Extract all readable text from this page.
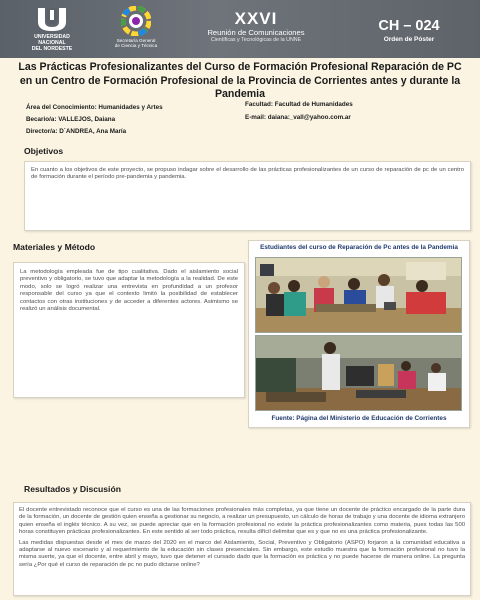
UNIVERSIDAD
NACIONAL
DEL NORDESTE
Secretaría General
de Ciencia y Técnica
XXVI
Reunión de Comunicaciones
Científicas y Tecnológicas de la UNNE
CH – 024
Orden de Póster
Las Prácticas Profesionalizantes del Curso de Formación Profesional Reparación de PC en un Centro de Formación Profesional de la Provincia de Corrientes antes y durante la Pandemia
Área del Conocimiento: Humanidades y Artes
Becario/a: VALLEJOS, Daiana
Director/a: D´ANDREA, Ana María
Facultad: Facultad de Humanidades
E-mail: daiana:_vall@yahoo.com.ar
Objetivos

En cuanto a los objetivos de este proyecto, se propuso indagar sobre el desarrollo de las prácticas profesionalizantes de un curso de reparación de pc de un centro de formación durante el período pre-pandemia y pandemia.

Materiales y Método

La metodología empleada fue de tipo cualitativa. Dado el aislamiento social preventivo y obligatorio, se tuvo que adaptar la metodología a la realidad. De este modo, solo se logró realizar una entrevista en profundidad a un profesor responsable del curso ya que el contexto limitó la posibilidad de establecer contactos con otras instituciones y de acceder a diferentes actores. Asimismo se realizó un análisis documental.

Estudiantes del curso de Reparación de Pc antes de la Pandemia
Fuente: Página del Ministerio de Educación de Corrientes
Resultados y Discusión

El docente entrevistado reconoce que el curso es una de las formaciones profesionales más completas, ya que tiene un docente de práctico encargado de la parte dura de la formación, un docente de gestión quien enseña a gestionar su negocio, a realizar un presupuesto, un cálculo de horas de trabajo y una docente de idioma extranjero quien enseña el inglés técnico. A su vez, se puede apreciar que en la formación profesional no existe la práctica profesionalizantes como materia, pues todas las 500 horas constituyen prácticas profesionalizantes. En este sentido al ser todo práctica, resulta difícil delimitar que es y que no es una práctica profesionalizante.

Las medidas dispuestas desde el mes de marzo del 2020 en el marco del Aislamiento, Social, Preventivo y Obligatorio (ASPO) forjaron a la comunidad educativa a adaptarse al nuevo escenario y al requerimiento de la educación sin clases presenciales. Sin embargo, este estudio muestra que la formación profesional no tuvo la misma suerte, ya que el docente, entre abril y mayo, tuvo que detener el cursado dado que la formación es práctica y no puede hacerse de manera online. La pregunta sería ¿Por qué el curso de reparación de pc no pudo dictarse online?
